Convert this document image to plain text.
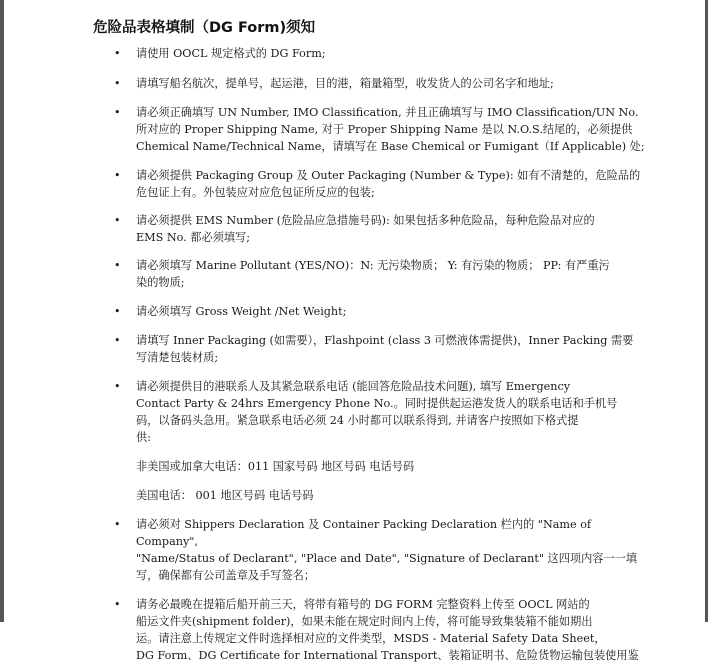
危险品表格填制（DG Form)须知
• 请使用 OOCL 规定格式的 DG Form;
• 请填写船名航次，提单号，起运港，目的港，箱量箱型，收发货人的公司名字和地址;
• 请必须正确填写 UN Number, IMO Classification, 并且正确填写与 IMO Classification/UN No.
所对应的 Proper Shipping Name, 对于 Proper Shipping Name 是以 N.O.S.结尾的，必须提供
Chemical Name/Technical Name，请填写在 Base Chemical or Fumigant（If Applicable) 处;
• 请必须提供 Packaging Group 及 Outer Packaging (Number & Type): 如有不清楚的，危险品的
危包证上有。外包装应对应危包证所反应的包装;
• 请必须提供 EMS Number (危险品应急措施号码): 如果包括多种危险品，每种危险品对应的
EMS No. 都必须填写;
• 请必须填写 Marine Pollutant (YES/NO)：N: 无污染物质； Y: 有污染的物质； PP: 有严重污
染的物质;
• 请必须填写 Gross Weight /Net Weight;
• 请填写 Inner Packaging (如需要），Flashpoint (class 3 可燃液体需提供)，Inner Packing 需要
写清楚包装材质;
• 请必须提供目的港联系人及其紧急联系电话 (能回答危险品技术问题), 填写 Emergency
Contact Party & 24hrs Emergency Phone No.。同时提供起运港发货人的联系电话和手机号
码，以备码头急用。紧急联系电话必须 24 小时都可以联系得到, 并请客户按照如下格式提
供:
非美国或加拿大电话：011 国家号码 地区号码 电话号码
美国电话： 001 地区号码 电话号码
• 请必须对 Shippers Declaration 及 Container Packing Declaration 栏内的 "Name of Company",
"Name/Status of Declarant", "Place and Date", "Signature of Declarant" 这四项内容一一填
写，确保都有公司盖章及手写签名；
• 请务必最晚在提箱后船开前三天，将带有箱号的 DG FORM 完整资料上传至 OOCL 网站的
船运文件夹(shipment folder)，如果未能在规定时间内上传，将可能导致集装箱不能如期出
运。请注意上传规定文件时选择相对应的文件类型，MSDS - Material Safety Data Sheet，
DG Form、DG Certificate for International Transport、装箱证明书、危险货物运输包装使用鉴
